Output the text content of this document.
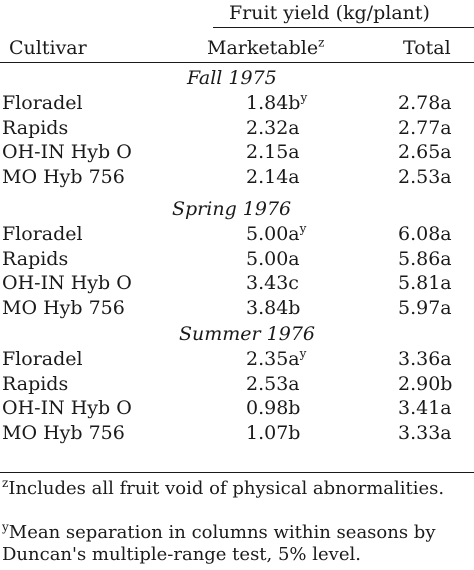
Fruit yield (kg/plant)
Cultivar	Marketable$^z$	Total
Fall 1975
Floradel	$1.84b^y$	2.78a
Rapids	2.32a	2.77a
OH-IN Hyb O	2.15a	2.65a
MO Hyb 756	2.14a	2.53a
Spring 1976
Floradel	$5.00a^y$	6.08a
Rapids	5.00a	5.86a
OH-IN Hyb O	3.43c	5.81a
MO Hyb 756	3.84b	5.97a
Summer 1976
Floradel	$2.35a^y$	3.36a
Rapids	2.53a	2.90b
OH-IN Hyb O	0.98b	3.41a
MO Hyb 756	1.07b	3.33a
$^z$Includes all fruit void of physical abnormalities.
$^y$Mean separation in columns within seasons by Duncan's multiple-range test, 5% level.
